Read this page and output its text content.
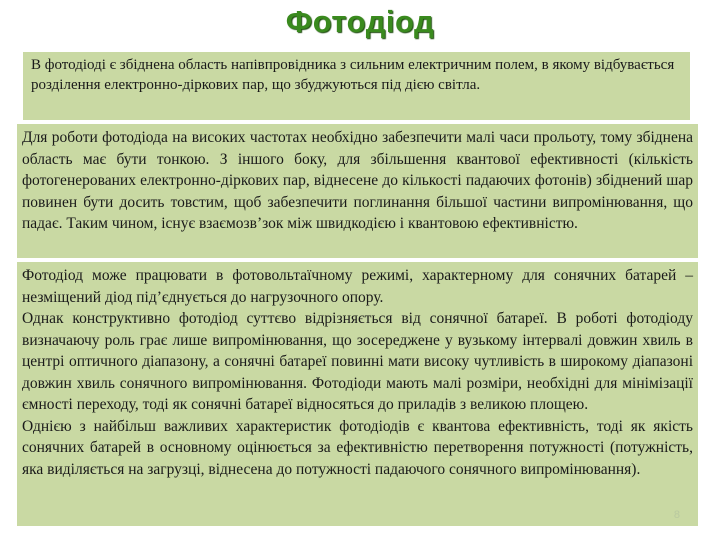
Фотодіод

В фотодіоді є збіднена область напівпровідника з сильним електричним полем, в якому відбувається розділення електронно-діркових пар, що збуджуються під дією світла.

Для роботи фотодіода на високих частотах необхідно забезпечити малі часи прольоту, тому збіднена область має бути тонкою. З іншого боку, для збільшення квантової ефективності (кількість фотогенерованих електронно-діркових пар, віднесене до кількості падаючих фотонів) збіднений шар повинен бути досить товстим, щоб забезпечити поглинання більшої частини випромінювання, що падає. Таким чином, існує взаємозв’зок між швидкодією і квантовою ефективністю.

Фотодіод може працювати в фотовольтаїчному режимі, характерному для сонячних батарей – незміщений діод під’єднується до нагрузочного опору.

Однак конструктивно фотодіод суттєво відрізняється від сонячної батареї. В роботі фотодіоду визначаючу роль грає лише випромінювання, що зосереджене у вузькому інтервалі довжин хвиль в центрі оптичного діапазону, а сонячні батареї повинні мати високу чутливість в широкому діапазоні довжин хвиль сонячного випромінювання. Фотодіоди мають малі розміри, необхідні для мінімізації ємності переходу, тоді як сонячні батареї відносяться до приладів з великою площею.

Однією з найбільш важливих характеристик фотодіодів є квантова ефективність, тоді як якість сонячних батарей в основному оцінюється за ефективністю перетворення потужності (потужність, яка виділяється на загрузці, віднесена до потужності падаючого сонячного випромінювання).

8
